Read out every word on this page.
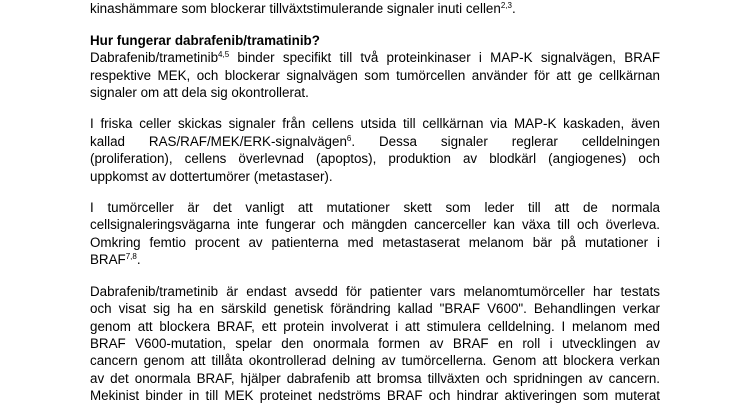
kinashämmare som blockerar tillväxtstimulerande signaler inuti cellen$^{2,3}$.

Hur fungerar dabrafenib/tramatinib?

Dabrafenib/trametinib$^{4,5}$ binder specifikt till två proteinkinaser i MAP-K signalvägen, BRAF
respektive MEK, och blockerar signalvägen som tumörcellen använder för att ge cellkärnan
signaler om att dela sig okontrollerat.

I friska celler skickas signaler från cellens utsida till cellkärnan via MAP-K kaskaden, även
kallad RAS/RAF/MEK/ERK-signalvägen$^6$. Dessa signaler reglerar celldelningen
(proliferation), cellens överlevnad (apoptos), produktion av blodkärl (angiogenes) och
uppkomst av dottertumörer (metastaser).

I tumörceller är det vanligt att mutationer skett som leder till att de normala
cellsignaleringsvägarna inte fungerar och mängden cancerceller kan växa till och överleva.
Omkring femtio procent av patienterna med metastaserat melanom bär på mutationer i
BRAF$^{7,8}$.

Dabrafenib/trametinib är endast avsedd för patienter vars melanomtumörceller har testats
och visat sig ha en särskild genetisk förändring kallad "BRAF V600". Behandlingen verkar
genom att blockera BRAF, ett protein involverat i att stimulera celldelning. I melanom med
BRAF V600-mutation, spelar den onormala formen av BRAF en roll i utvecklingen av
cancern genom att tillåta okontrollerad delning av tumörcellerna. Genom att blockera verkan
av det onormala BRAF, hjälper dabrafenib att bromsa tillväxten och spridningen av cancern.
Mekinist binder in till MEK proteinet nedströms BRAF och hindrar aktiveringen som muterat
